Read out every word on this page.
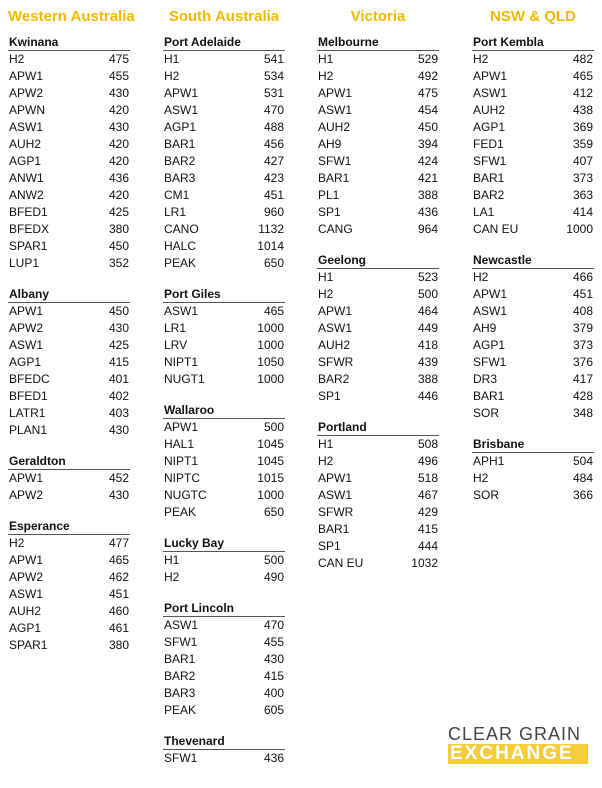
Western Australia
Kwinana
H2	475
APW1	455
APW2	430
APWN	420
ASW1	430
AUH2	420
AGP1	420
ANW1	436
ANW2	420
BFED1	425
BFEDX	380
SPAR1	450
LUP1	352
Albany
APW1	450
APW2	430
ASW1	425
AGP1	415
BFEDC	401
BFED1	402
LATR1	403
PLAN1	430
Geraldton
APW1	452
APW2	430
Esperance
H2	477
APW1	465
APW2	462
ASW1	451
AUH2	460
AGP1	461
SPAR1	380
South Australia
Port Adelaide
H1	541
H2	534
APW1	531
ASW1	470
AGP1	488
BAR1	456
BAR2	427
BAR3	423
CM1	451
LR1	960
CANO	1132
HALC	1014
PEAK	650
Port Giles
ASW1	465
LR1	1000
LRV	1000
NIPT1	1050
NUGT1	1000
Wallaroo
APW1	500
HAL1	1045
NIPT1	1045
NIPTC	1015
NUGTC	1000
PEAK	650
Lucky Bay
H1	500
H2	490
Port Lincoln
ASW1	470
SFW1	455
BAR1	430
BAR2	415
BAR3	400
PEAK	605
Thevenard
SFW1	436
Victoria
Melbourne
H1	529
H2	492
APW1	475
ASW1	454
AUH2	450
AH9	394
SFW1	424
BAR1	421
PL1	388
SP1	436
CANG	964
Geelong
H1	523
H2	500
APW1	464
ASW1	449
AUH2	418
SFWR	439
BAR2	388
SP1	446
Portland
H1	508
H2	496
APW1	518
ASW1	467
SFWR	429
BAR1	415
SP1	444
CAN EU	1032
NSW & QLD
Port Kembla
H2	482
APW1	465
ASW1	412
AUH2	438
AGP1	369
FED1	359
SFW1	407
BAR1	373
BAR2	363
LA1	414
CAN EU	1000
Newcastle
H2	466
APW1	451
ASW1	408
AH9	379
AGP1	373
SFW1	376
DR3	417
BAR1	428
SOR	348
Brisbane
APH1	504
H2	484
SOR	366
CLEAR GRAIN
EXCHANGE
